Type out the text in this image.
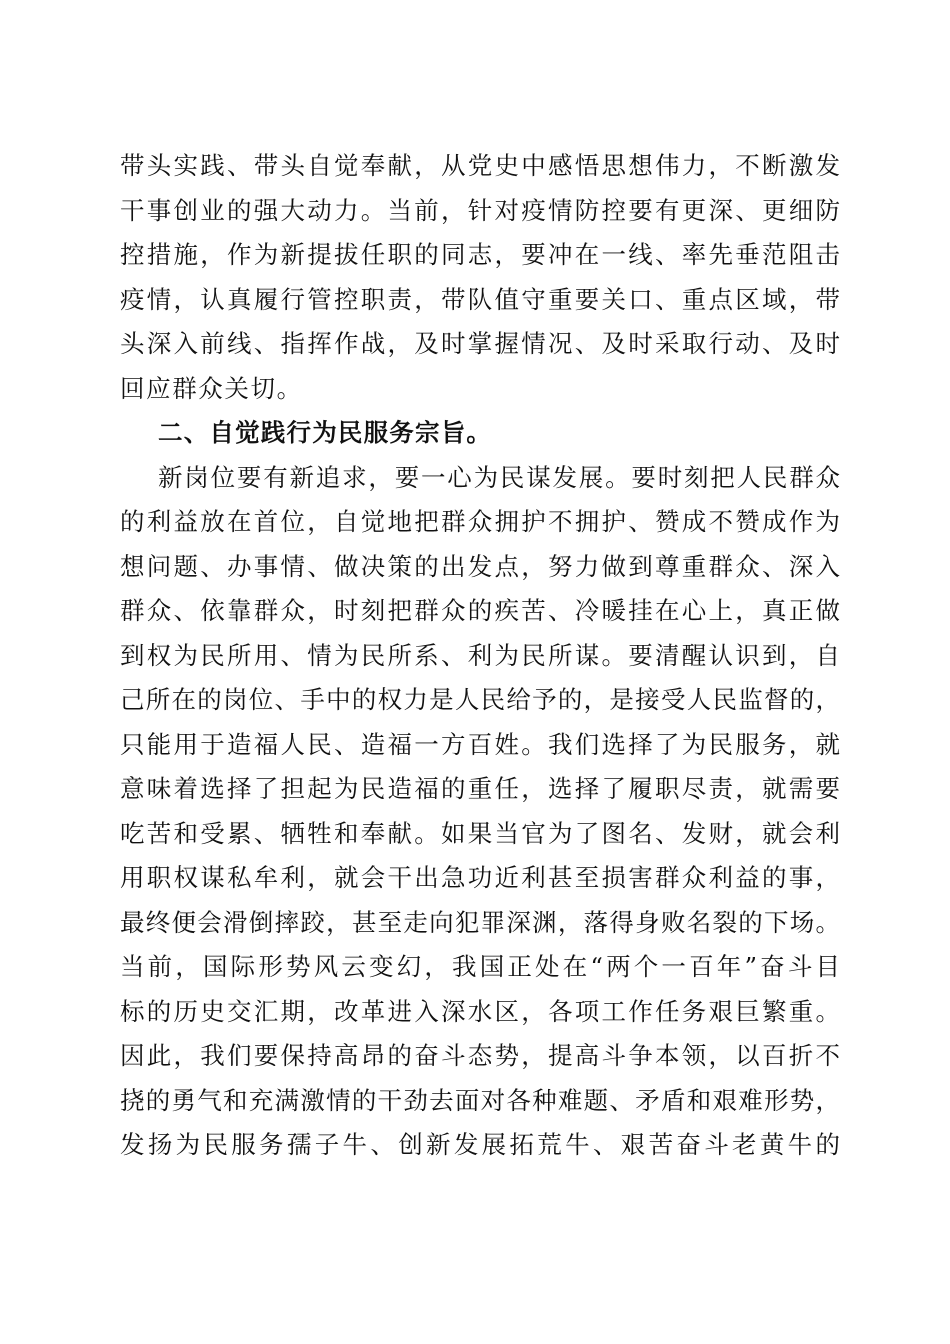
带头实践、带头自觉奉献，从党史中感悟思想伟力，不断激发
干事创业的强大动力。当前，针对疫情防控要有更深、更细防
控措施，作为新提拔任职的同志，要冲在一线、率先垂范阻击
疫情，认真履行管控职责，带队值守重要关口、重点区域，带
头深入前线、指挥作战，及时掌握情况、及时采取行动、及时
回应群众关切。
二、自觉践行为民服务宗旨。
新岗位要有新追求，要一心为民谋发展。要时刻把人民群众
的利益放在首位，自觉地把群众拥护不拥护、赞成不赞成作为
想问题、办事情、做决策的出发点，努力做到尊重群众、深入
群众、依靠群众，时刻把群众的疾苦、冷暖挂在心上，真正做
到权为民所用、情为民所系、利为民所谋。要清醒认识到，自
己所在的岗位、手中的权力是人民给予的，是接受人民监督的，
只能用于造福人民、造福一方百姓。我们选择了为民服务，就
意味着选择了担起为民造福的重任，选择了履职尽责，就需要
吃苦和受累、牺牲和奉献。如果当官为了图名、发财，就会利
用职权谋私牟利，就会干出急功近利甚至损害群众利益的事，
最终便会滑倒摔跤，甚至走向犯罪深渊，落得身败名裂的下场。
当前，国际形势风云变幻，我国正处在“两个一百年”奋斗目
标的历史交汇期，改革进入深水区，各项工作任务艰巨繁重。
因此，我们要保持高昂的奋斗态势，提高斗争本领，以百折不
挠的勇气和充满激情的干劲去面对各种难题、矛盾和艰难形势，
发扬为民服务孺子牛、创新发展拓荒牛、艰苦奋斗老黄牛的
